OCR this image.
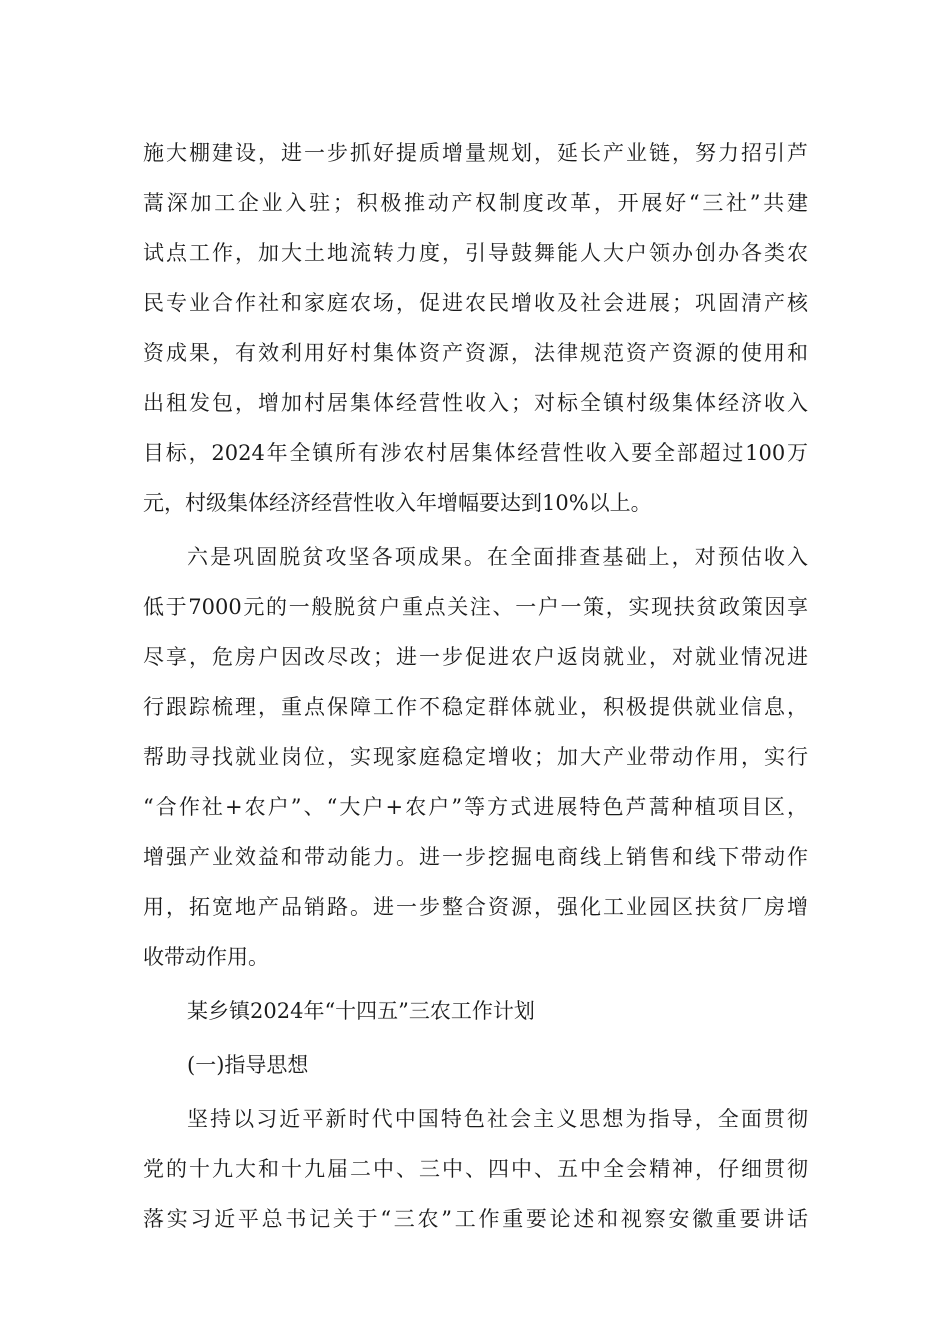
施大棚建设，进一步抓好提质增量规划，延长产业链，努力招引芦
蒿深加工企业入驻；积极推动产权制度改革，开展好“三社”共建
试点工作，加大土地流转力度，引导鼓舞能人大户领办创办各类农
民专业合作社和家庭农场，促进农民增收及社会进展；巩固清产核
资成果，有效利用好村集体资产资源，法律规范资产资源的使用和
出租发包，增加村居集体经营性收入；对标全镇村级集体经济收入
目标，2024年全镇所有涉农村居集体经营性收入要全部超过100万
元，村级集体经济经营性收入年增幅要达到10%以上。
六是巩固脱贫攻坚各项成果。在全面排查基础上，对预估收入
低于7000元的一般脱贫户重点关注、一户一策，实现扶贫政策因享
尽享，危房户因改尽改；进一步促进农户返岗就业，对就业情况进
行跟踪梳理，重点保障工作不稳定群体就业，积极提供就业信息，
帮助寻找就业岗位，实现家庭稳定增收；加大产业带动作用，实行
“合作社+农户”、“大户+农户”等方式进展特色芦蒿种植项目区，
增强产业效益和带动能力。进一步挖掘电商线上销售和线下带动作
用，拓宽地产品销路。进一步整合资源，强化工业园区扶贫厂房增
收带动作用。
某乡镇2024年“十四五”三农工作计划
(一)指导思想
坚持以习近平新时代中国特色社会主义思想为指导，全面贯彻
党的十九大和十九届二中、三中、四中、五中全会精神，仔细贯彻
落实习近平总书记关于“三农”工作重要论述和视察安徽重要讲话
